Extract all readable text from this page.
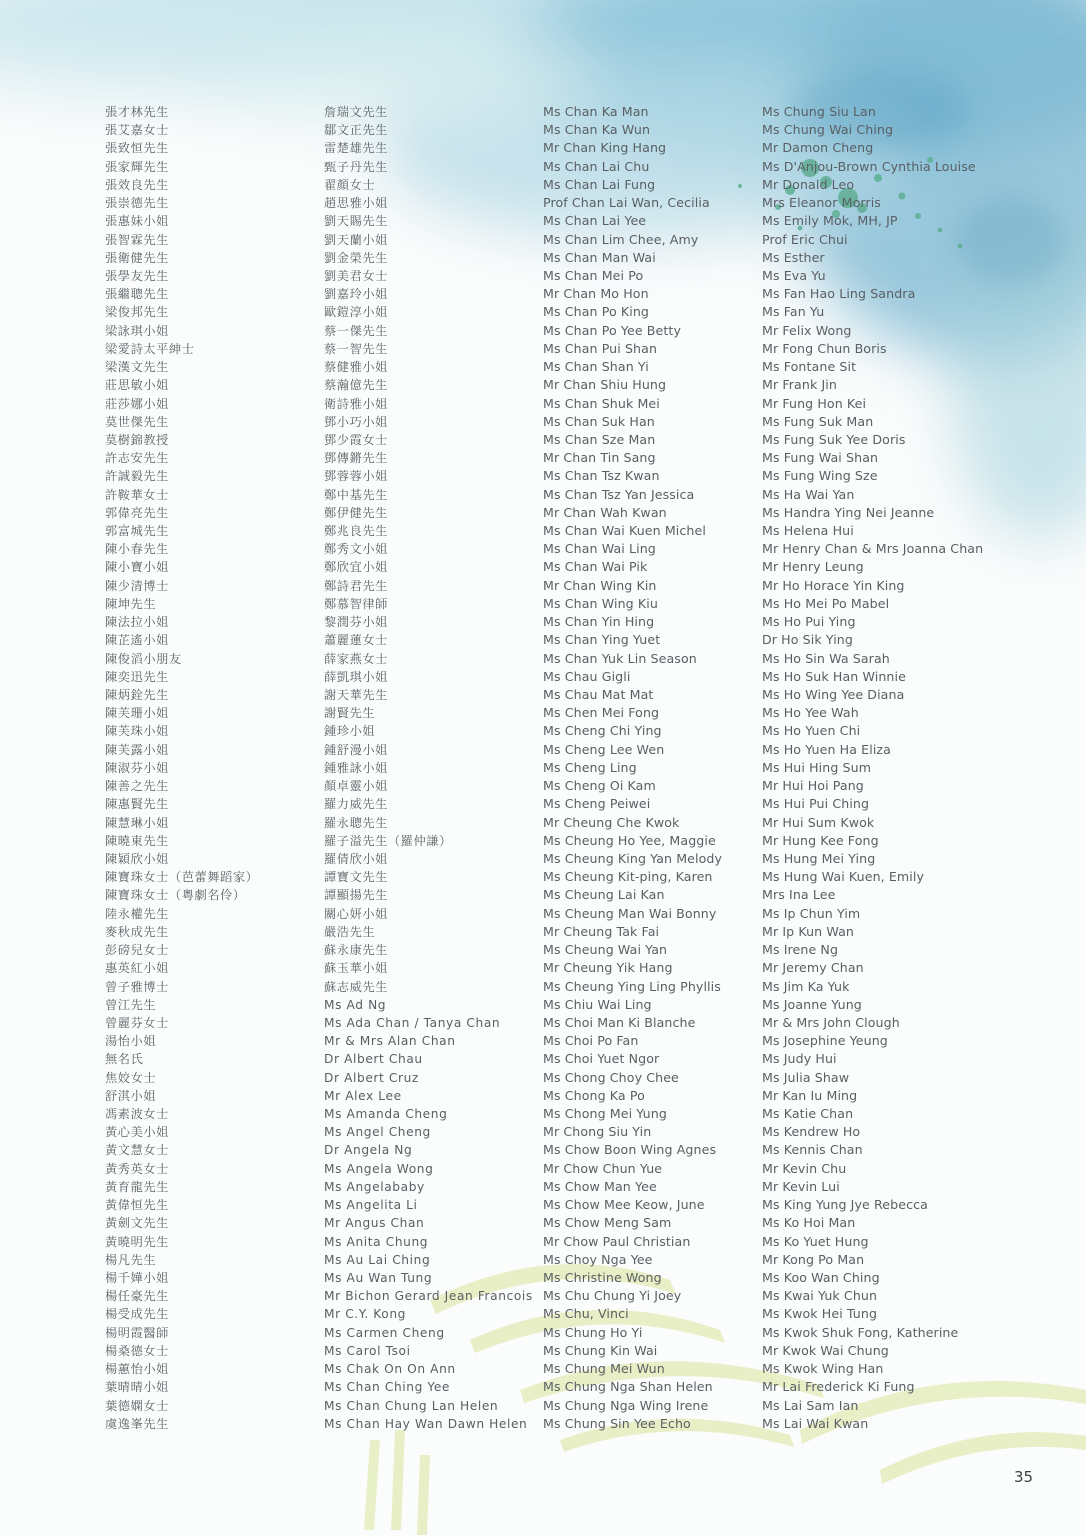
張才林先生
張艾嘉女士
張致恒先生
張家輝先生
張效良先生
張崇德先生
張惠妹小姐
張智霖先生
張衛健先生
張學友先生
張繼聰先生
梁俊邦先生
梁詠琪小姐
梁愛詩太平紳士
梁漢文先生
莊思敏小姐
莊莎娜小姐
莫世傑先生
莫樹錦教授
許志安先生
許誠毅先生
許鞍華女士
郭偉亮先生
郭富城先生
陳小春先生
陳小寶小姐
陳少清博士
陳坤先生
陳法拉小姐
陳芷遙小姐
陳俊滔小朋友
陳奕迅先生
陳炳銓先生
陳芙珊小姐
陳芙珠小姐
陳芙露小姐
陳淑芬小姐
陳善之先生
陳惠賢先生
陳慧琳小姐
陳曉東先生
陳穎欣小姐
陳寶珠女士（芭蕾舞蹈家）
陳寶珠女士（粵劇名伶）
陸永權先生
麥秋成先生
彭磅兒女士
惠英紅小姐
曾子雅博士
曾江先生
曾麗芬女士
湯怡小姐
無名氏
焦姣女士
舒淇小姐
馮素波女士
黃心美小姐
黃文慧女士
黃秀英女士
黃育龍先生
黃偉恒先生
黃劍文先生
黃曉明先生
楊凡先生
楊千嬅小姐
楊任豪先生
楊受成先生
楊明霞醫師
楊桑德女士
楊蕙怡小姐
葉晴晴小姐
葉德嫻女士
虞逸峯先生
詹瑞文先生
鄒文正先生
雷楚雄先生
甄子丹先生
翟顏女士
趙思雅小姐
劉天賜先生
劉天蘭小姐
劉金榮先生
劉美君女士
劉嘉玲小姐
歐鎧淳小姐
蔡一傑先生
蔡一智先生
蔡健雅小姐
蔡瀚億先生
衛詩雅小姐
鄧小巧小姐
鄧少霞女士
鄧傳鏘先生
鄧蓉蓉小姐
鄭中基先生
鄭伊健先生
鄭兆良先生
鄭秀文小姐
鄭欣宜小姐
鄭詩君先生
鄭慕智律師
黎潤芬小姐
蕭麗蓮女士
薛家燕女士
薛凱琪小姐
謝天華先生
謝賢先生
鍾珍小姐
鍾舒漫小姐
鍾雅詠小姐
顏卓靈小姐
羅力威先生
羅永聰先生
羅子溢先生（羅仲謙）
羅倩欣小姐
譚寶文先生
譚顯揚先生
關心妍小姐
嚴浩先生
蘇永康先生
蘇玉華小姐
蘇志威先生
Ms Ad Ng
Ms Ada Chan / Tanya Chan
Mr & Mrs Alan Chan
Dr Albert Chau
Dr Albert Cruz
Mr Alex Lee
Ms Amanda Cheng
Ms Angel Cheng
Dr Angela Ng
Ms Angela Wong
Ms Angelababy
Ms Angelita Li
Mr Angus Chan
Ms Anita Chung
Ms Au Lai Ching
Ms Au Wan Tung
Mr Bichon Gerard Jean Francois
Mr C.Y. Kong
Ms Carmen Cheng
Ms Carol Tsoi
Ms Chak On On Ann
Ms Chan Ching Yee
Ms Chan Chung Lan Helen
Ms Chan Hay Wan Dawn Helen
Ms Chan Ka Man
Ms Chan Ka Wun
Mr Chan King Hang
Ms Chan Lai Chu
Ms Chan Lai Fung
Prof Chan Lai Wan, Cecilia
Ms Chan Lai Yee
Ms Chan Lim Chee, Amy
Ms Chan Man Wai
Ms Chan Mei Po
Mr Chan Mo Hon
Ms Chan Po King
Ms Chan Po Yee Betty
Ms Chan Pui Shan
Ms Chan Shan Yi
Mr Chan Shiu Hung
Ms Chan Shuk Mei
Ms Chan Suk Han
Ms Chan Sze Man
Mr Chan Tin Sang
Ms Chan Tsz Kwan
Ms Chan Tsz Yan Jessica
Mr Chan Wah Kwan
Ms Chan Wai Kuen Michel
Ms Chan Wai Ling
Ms Chan Wai Pik
Mr Chan Wing Kin
Ms Chan Wing Kiu
Ms Chan Yin Hing
Ms Chan Ying Yuet
Ms Chan Yuk Lin Season
Ms Chau Gigli
Ms Chau Mat Mat
Ms Chen Mei Fong
Ms Cheng Chi Ying
Ms Cheng Lee Wen
Ms Cheng Ling
Ms Cheng Oi Kam
Ms Cheng Peiwei
Mr Cheung Che Kwok
Ms Cheung Ho Yee, Maggie
Ms Cheung King Yan Melody
Ms Cheung Kit-ping, Karen
Ms Cheung Lai Kan
Ms Cheung Man Wai Bonny
Mr Cheung Tak Fai
Ms Cheung Wai Yan
Mr Cheung Yik Hang
Ms Cheung Ying Ling Phyllis
Ms Chiu Wai Ling
Ms Choi Man Ki Blanche
Ms Choi Po Fan
Ms Choi Yuet Ngor
Ms Chong Choy Chee
Ms Chong Ka Po
Ms Chong Mei Yung
Mr Chong Siu Yin
Ms Chow Boon Wing Agnes
Mr Chow Chun Yue
Ms Chow Man Yee
Ms Chow Mee Keow, June
Ms Chow Meng Sam
Mr Chow Paul Christian
Ms Choy Nga Yee
Ms Christine Wong
Ms Chu Chung Yi Joey
Ms Chu, Vinci
Ms Chung Ho Yi
Ms Chung Kin Wai
Ms Chung Mei Wun
Ms Chung Nga Shan Helen
Ms Chung Nga Wing Irene
Ms Chung Sin Yee Echo
Ms Chung Siu Lan
Ms Chung Wai Ching
Mr Damon Cheng
Ms D'Anjou-Brown Cynthia Louise
Mr Donald Leo
Mrs Eleanor Morris
Ms Emily Mok, MH, JP
Prof Eric Chui
Ms Esther
Ms Eva Yu
Ms Fan Hao Ling Sandra
Ms Fan Yu
Mr Felix Wong
Mr Fong Chun Boris
Ms Fontane Sit
Mr Frank Jin
Mr Fung Hon Kei
Ms Fung Suk Man
Ms Fung Suk Yee Doris
Ms Fung Wai Shan
Ms Fung Wing Sze
Ms Ha Wai Yan
Ms Handra Ying Nei Jeanne
Ms Helena Hui
Mr Henry Chan & Mrs Joanna Chan
Mr Henry Leung
Mr Ho Horace Yin King
Ms Ho Mei Po Mabel
Ms Ho Pui Ying
Dr Ho Sik Ying
Ms Ho Sin Wa Sarah
Ms Ho Suk Han Winnie
Ms Ho Wing Yee Diana
Ms Ho Yee Wah
Ms Ho Yuen Chi
Ms Ho Yuen Ha Eliza
Ms Hui Hing Sum
Mr Hui Hoi Pang
Ms Hui Pui Ching
Mr Hui Sum Kwok
Mr Hung Kee Fong
Ms Hung Mei Ying
Ms Hung Wai Kuen, Emily
Mrs Ina Lee
Ms Ip Chun Yim
Mr Ip Kun Wan
Ms Irene Ng
Mr Jeremy Chan
Ms Jim Ka Yuk
Ms Joanne Yung
Mr & Mrs John Clough
Ms Josephine Yeung
Ms Judy Hui
Ms Julia Shaw
Mr Kan Iu Ming
Ms Katie Chan
Ms Kendrew Ho
Ms Kennis Chan
Mr Kevin Chu
Mr Kevin Lui
Ms King Yung Jye Rebecca
Ms Ko Hoi Man
Ms Ko Yuet Hung
Mr Kong Po Man
Ms Koo Wan Ching
Ms Kwai Yuk Chun
Ms Kwok Hei Tung
Ms Kwok Shuk Fong, Katherine
Mr Kwok Wai Chung
Ms Kwok Wing Han
Mr Lai Frederick Ki Fung
Ms Lai Sam Ian
Ms Lai Wai Kwan
35
